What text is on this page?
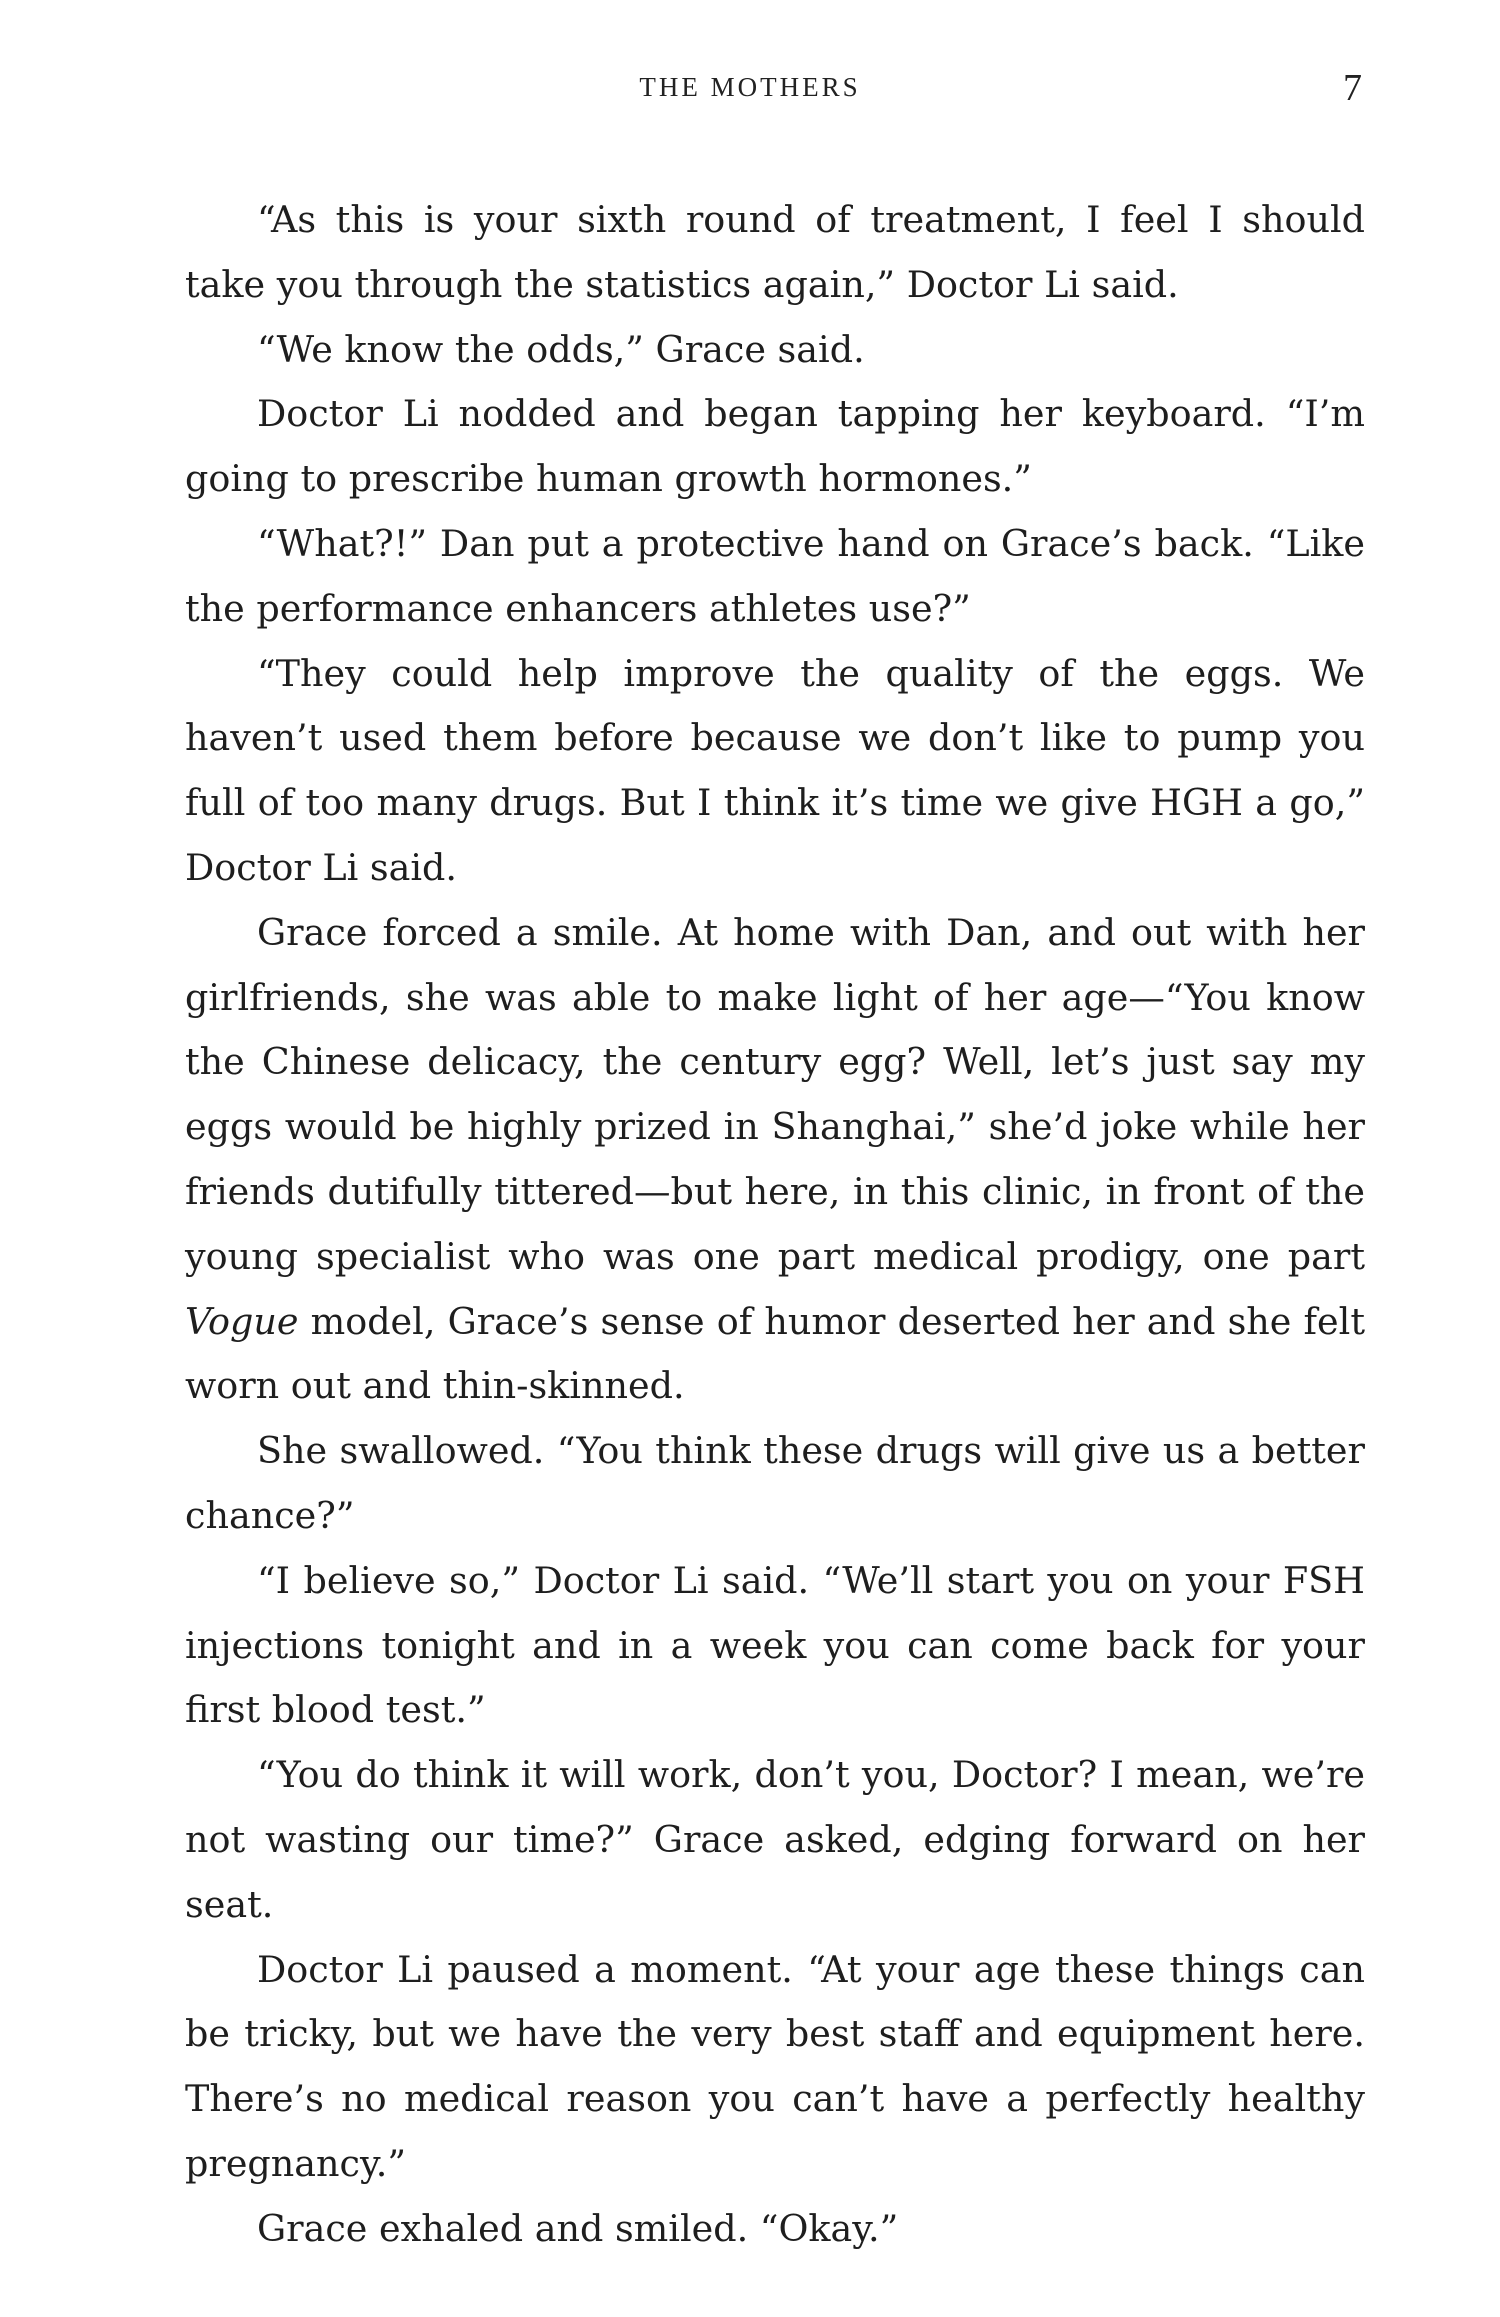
THE MOTHERS	7

“As this is your sixth round of treatment, I feel I should take you through the statistics again,” Doctor Li said.

“We know the odds,” Grace said.

Doctor Li nodded and began tapping her keyboard. “I’m going to prescribe human growth hormones.”

“What?!” Dan put a protective hand on Grace’s back. “Like the performance enhancers athletes use?”

“They could help improve the quality of the eggs. We haven’t used them before because we don’t like to pump you full of too many drugs. But I think it’s time we give HGH a go,” Doctor Li said.

Grace forced a smile. At home with Dan, and out with her girlfriends, she was able to make light of her age—“You know the Chinese delicacy, the century egg? Well, let’s just say my eggs would be highly prized in Shanghai,” she’d joke while her friends dutifully tittered—but here, in this clinic, in front of the young specialist who was one part medical prodigy, one part Vogue model, Grace’s sense of humor deserted her and she felt worn out and thin-skinned.

She swallowed. “You think these drugs will give us a better chance?”

“I believe so,” Doctor Li said. “We’ll start you on your FSH injections tonight and in a week you can come back for your first blood test.”

“You do think it will work, don’t you, Doctor? I mean, we’re not wasting our time?” Grace asked, edging forward on her seat.

Doctor Li paused a moment. “At your age these things can be tricky, but we have the very best staff and equipment here. There’s no medical reason you can’t have a perfectly healthy pregnancy.”

Grace exhaled and smiled. “Okay.”
